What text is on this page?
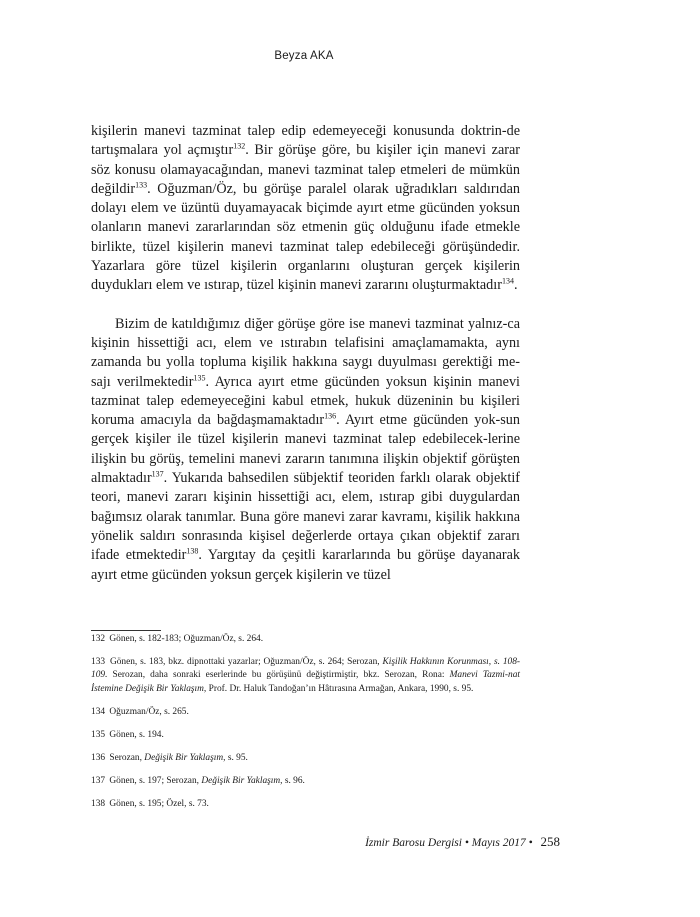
Beyza AKA

kişilerin manevi tazminat talep edip edemeyeceği konusunda doktrin-de tartışmalara yol açmıştır$^{132}$. Bir görüşe göre, bu kişiler için manevi zarar söz konusu olamayacağından, manevi tazminat talep etmeleri de mümkün değildir$^{133}$. Oğuzman/Öz, bu görüşe paralel olarak uğradıkları saldırıdan dolayı elem ve üzüntü duyamayacak biçimde ayırt etme gücünden yoksun olanların manevi zararlarından söz etmenin güç olduğunu ifade etmekle birlikte, tüzel kişilerin manevi tazminat talep edebileceği görüşündedir. Yazarlara göre tüzel kişilerin organlarını oluşturan gerçek kişilerin duydukları elem ve ıstırap, tüzel kişinin manevi zararını oluşturmaktadır$^{134}$.

Bizim de katıldığımız diğer görüşe göre ise manevi tazminat yalnız-ca kişinin hissettiği acı, elem ve ıstırabın telafisini amaçlamamakta, aynı zamanda bu yolla topluma kişilik hakkına saygı duyulması gerektiği me-sajı verilmektedir$^{135}$. Ayrıca ayırt etme gücünden yoksun kişinin manevi tazminat talep edemeyeceğini kabul etmek, hukuk düzeninin bu kişileri koruma amacıyla da bağdaşmamaktadır$^{136}$. Ayırt etme gücünden yok-sun gerçek kişiler ile tüzel kişilerin manevi tazminat talep edebilecek-lerine ilişkin bu görüş, temelini manevi zararın tanımına ilişkin objektif görüşten almaktadır$^{137}$. Yukarıda bahsedilen sübjektif teoriden farklı olarak objektif teori, manevi zararı kişinin hissettiği acı, elem, ıstırap gibi duygulardan bağımsız olarak tanımlar. Buna göre manevi zarar kavramı, kişilik hakkına yönelik saldırı sonrasında kişisel değerlerde ortaya çıkan objektif zararı ifade etmektedir$^{138}$. Yargıtay da çeşitli kararlarında bu görüşe dayanarak ayırt etme gücünden yoksun gerçek kişilerin ve tüzel

132 Gönen, s. 182-183; Oğuzman/Öz, s. 264.

133 Gönen, s. 183, bkz. dipnottaki yazarlar; Oğuzman/Öz, s. 264; Serozan, Kişilik Hakkının Korunması, s. 108-109. Serozan, daha sonraki eserlerinde bu görüşünü değiştirmiştir, bkz. Serozan, Rona: Manevi Tazmi-nat İstemine Değişik Bir Yaklaşım, Prof. Dr. Haluk Tandoğan’ın Hâtırasına Armağan, Ankara, 1990, s. 95.

134 Oğuzman/Öz, s. 265.

135 Gönen, s. 194.

136 Serozan, Değişik Bir Yaklaşım, s. 95.

137 Gönen, s. 197; Serozan, Değişik Bir Yaklaşım, s. 96.

138 Gönen, s. 195; Özel, s. 73.

İzmir Barosu Dergisi • Mayıs 2017 • 258
